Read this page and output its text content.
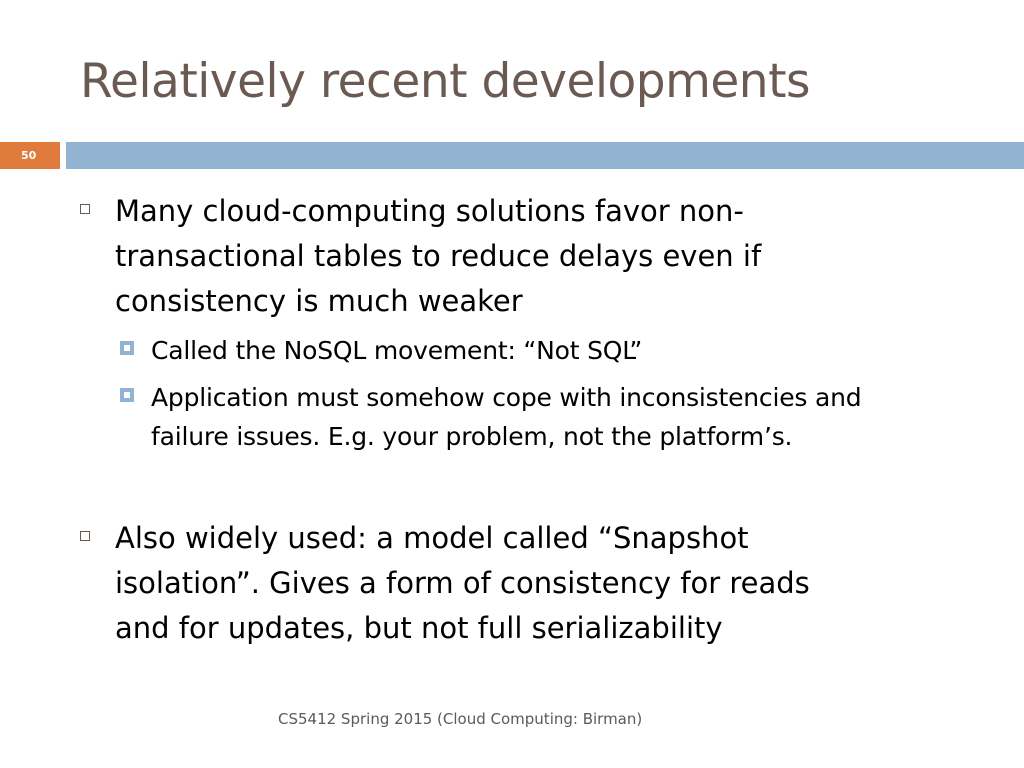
Relatively recent developments
50
Many cloud-computing solutions favor non-
transactional tables to reduce delays even if
consistency is much weaker
Called the NoSQL movement: “Not SQL”
Application must somehow cope with inconsistencies and
failure issues. E.g. your problem, not the platform’s.
Also widely used: a model called “Snapshot
isolation”. Gives a form of consistency for reads
and for updates, but not full serializability
CS5412 Spring 2015 (Cloud Computing: Birman)
